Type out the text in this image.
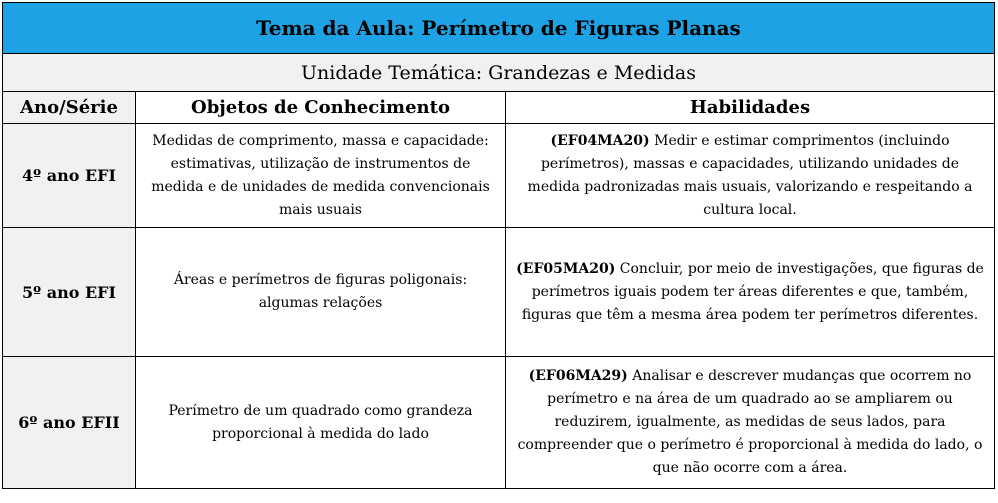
Tema da Aula: Perímetro de Figuras Planas		
Unidade Temática: Grandezas e Medidas		
Ano/Série	Objetos de Conhecimento	Habilidades
4º ano EFI	Medidas de comprimento, massa e capacidade: estimativas, utilização de instrumentos de medida e de unidades de medida convencionais mais usuais	(EF04MA20) Medir e estimar comprimentos (incluindo perímetros), massas e capacidades, utilizando unidades de medida padronizadas mais usuais, valorizando e respeitando a cultura local.
5º ano EFI	Áreas e perímetros de figuras poligonais: algumas relações	(EF05MA20) Concluir, por meio de investigações, que figuras de perímetros iguais podem ter áreas diferentes e que, também, figuras que têm a mesma área podem ter perímetros diferentes.
6º ano EFII	Perímetro de um quadrado como grandeza proporcional à medida do lado	(EF06MA29) Analisar e descrever mudanças que ocorrem no perímetro e na área de um quadrado ao se ampliarem ou reduzirem, igualmente, as medidas de seus lados, para compreender que o perímetro é proporcional à medida do lado, o que não ocorre com a área.
